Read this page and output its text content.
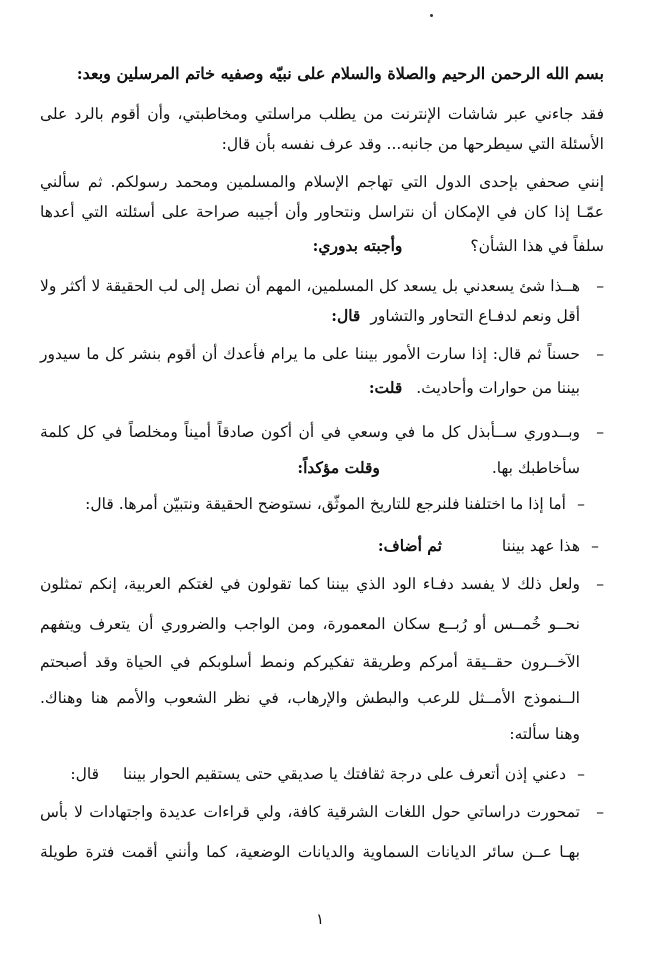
بسم الله الرحمن الرحيم والصلاة والسلام على نبيّه وصفيه خاتم المرسلين وبعد:
فقد جاءني عبر شاشات الإنترنت من يطلب مراسلتي ومخاطبتي، وأن أقوم بالرد على
الأسئلة التي سيطرحها من جانبه... وقد عرف نفسه بأن قال:
إنني صحفي بإحدى الدول التي تهاجم الإسلام والمسلمين ومحمد رسولكم. ثم سألني
عمّـا إذا كان في الإمكان أن نتراسل ونتحاور وأن أجيبه صراحة على أسئلته التي أعدها
سلفاً في هذا الشأن؟وأجبته بدوري:
–هــذا شئ يسعدني بل يسعد كل المسلمين، المهم أن نصل إلى لب الحقيقة لا أكثر ولا
أقل ونعم لدفـاع التحاور والتشاورقال:
–حسناً ثم قال: إذا سارت الأمور بيننا على ما يرام فأعدك أن أقوم بنشر كل ما سيدور
بيننا من حوارات وأحاديث.قلت:
–وبــدوري ســأبذل كل ما في وسعي في أن أكون صادقاً أميناً ومخلصاً في كل كلمة
سأخاطبك بها.وقلت مؤكداً:
–أما إذا ما اختلفنا فلنرجع للتاريخ الموثّق، نستوضح الحقيقة ونتبيّن أمرها. قال:
–هذا عهد بينناثم أضاف:
–ولعل ذلك لا يفسد دفـاء الود الذي بيننا كما تقولون في لغتكم العربية، إنكم تمثلون
نحــو خُمــس أو رُبــع سكان المعمورة، ومن الواجب والضروري أن يتعرف ويتفهم
الآخــرون حقــيقة أمركم وطريقة تفكيركم ونمط أسلوبكم في الحياة وقد أصبحتم
الــنموذج الأمــثل للرعب والبطش والإرهاب، في نظر الشعوب والأمم هنا وهناك.
وهنا سألته:
–دعني إذن أتعرف على درجة ثقافتك يا صديقي حتى يستقيم الحوار بينناقال:
–تمحورت دراساتي حول اللغات الشرقية كافة، ولي قراءات عديدة واجتهادات لا بأس
بهـا عــن سائر الديانات السماوية والديانات الوضعية، كما وأنني أقمت فترة طويلة
١
